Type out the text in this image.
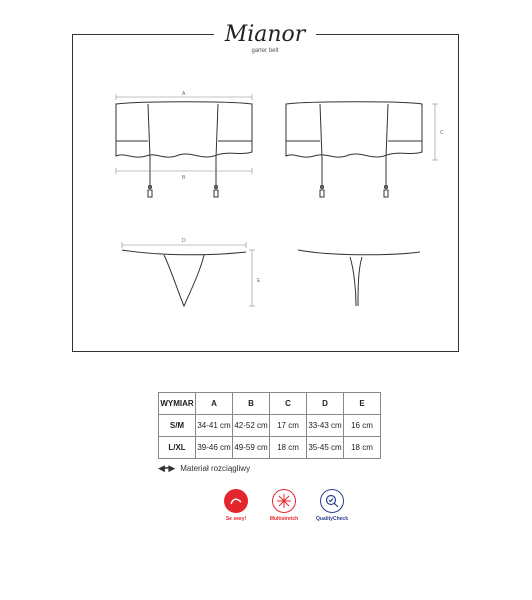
A
B
C
D
E
Mianor
garter belt
WYMIAR	A	B	C	D	E
S/M	34-41 cm	42-52 cm	17 cm	33-43 cm	16 cm
L/XL	39-46 cm	49-59 cm	18 cm	35-45 cm	18 cm
◀━▶ Materiał rozciągliwy
Se seey!	Multistretch	QualityCheck
